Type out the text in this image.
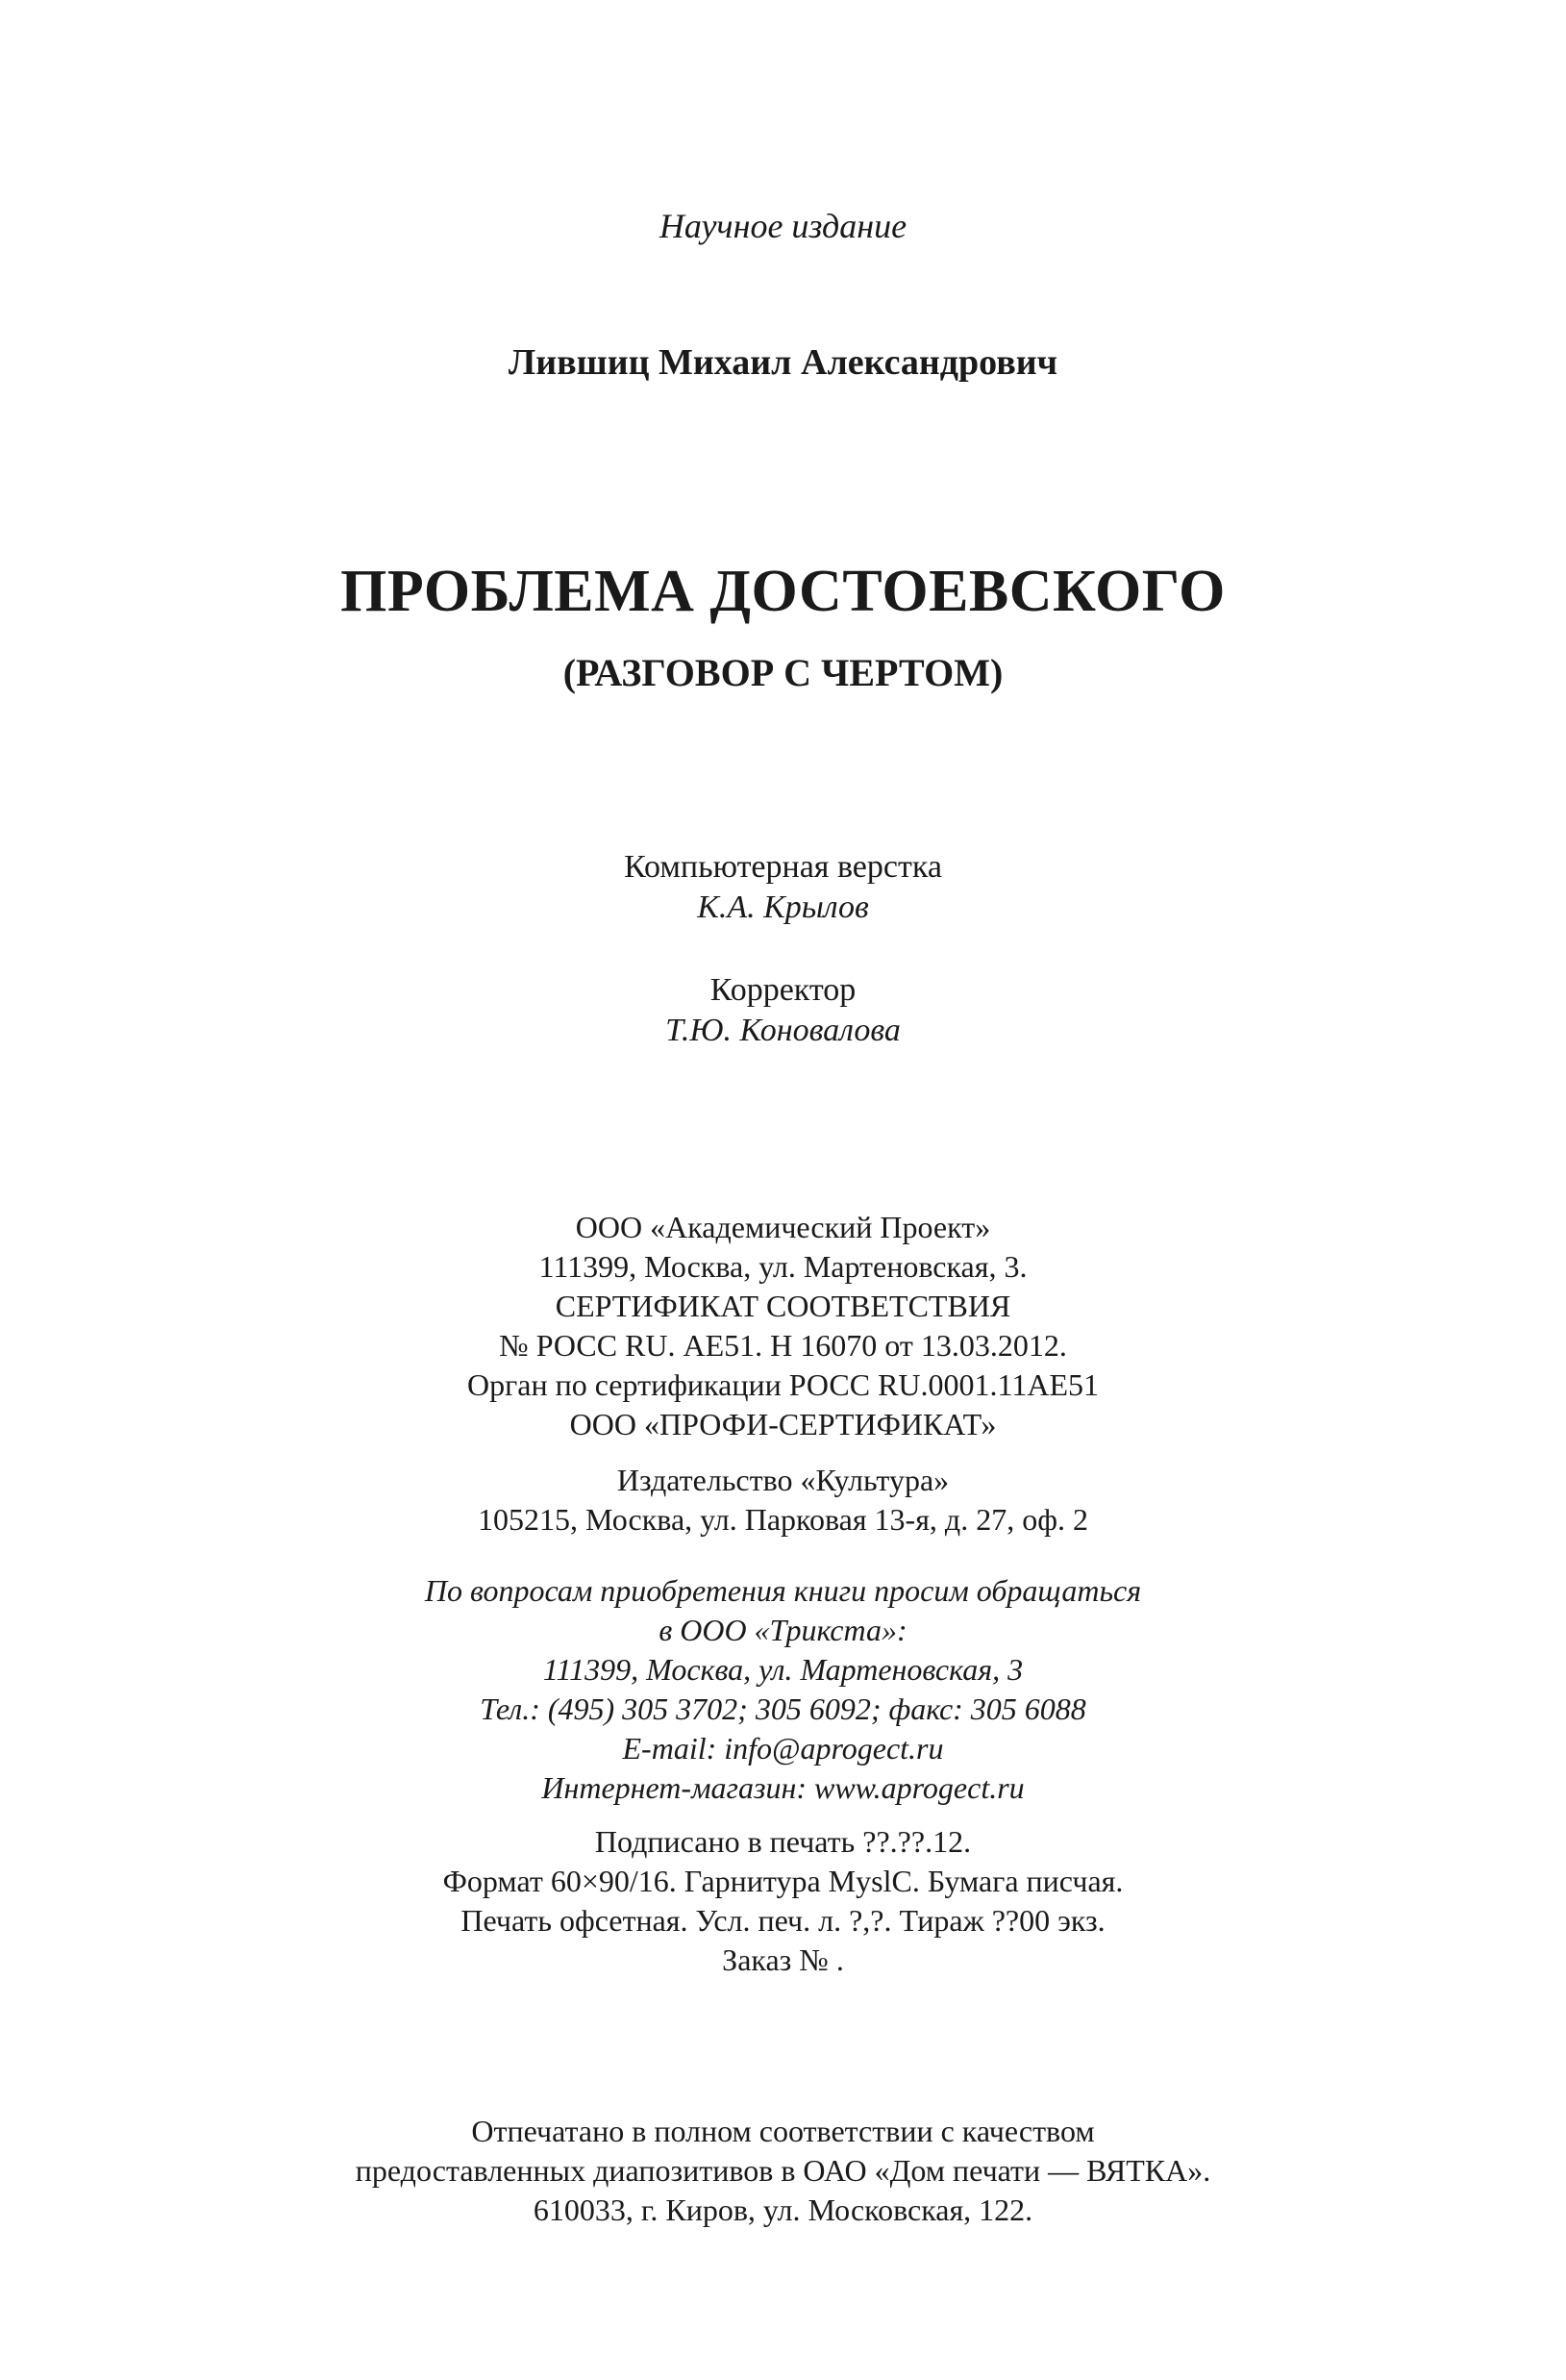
Научное издание
Лившиц Михаил Александрович
ПРОБЛЕМА ДОСТОЕВСКОГО
(РАЗГОВОР С ЧЕРТОМ)
Компьютерная верстка
К.А. Крылов
Корректор
Т.Ю. Коновалова
ООО «Академический Проект»
111399, Москва, ул. Мартеновская, 3.
СЕРТИФИКАТ СООТВЕТСТВИЯ
№ РОСС RU. АЕ51. Н 16070 от 13.03.2012.
Орган по сертификации РОСС RU.0001.11АЕ51
ООО «ПРОФИ-СЕРТИФИКАТ»
Издательство «Культура»
105215, Москва, ул. Парковая 13-я, д. 27, оф. 2
По вопросам приобретения книги просим обращаться
в ООО «Трикста»:
111399, Москва, ул. Мартеновская, 3
Тел.: (495) 305 3702; 305 6092; факс: 305 6088
E-mail: info@aprogect.ru
Интернет-магазин: www.aprogect.ru
Подписано в печать ??.??.12.
Формат 60×90/16. Гарнитура MyslC. Бумага писчая.
Печать офсетная. Усл. печ. л. ?,?. Тираж ??00 экз.
Заказ № .
Отпечатано в полном соответствии с качеством
предоставленных диапозитивов в ОАО «Дом печати — ВЯТКА».
610033, г. Киров, ул. Московская, 122.
